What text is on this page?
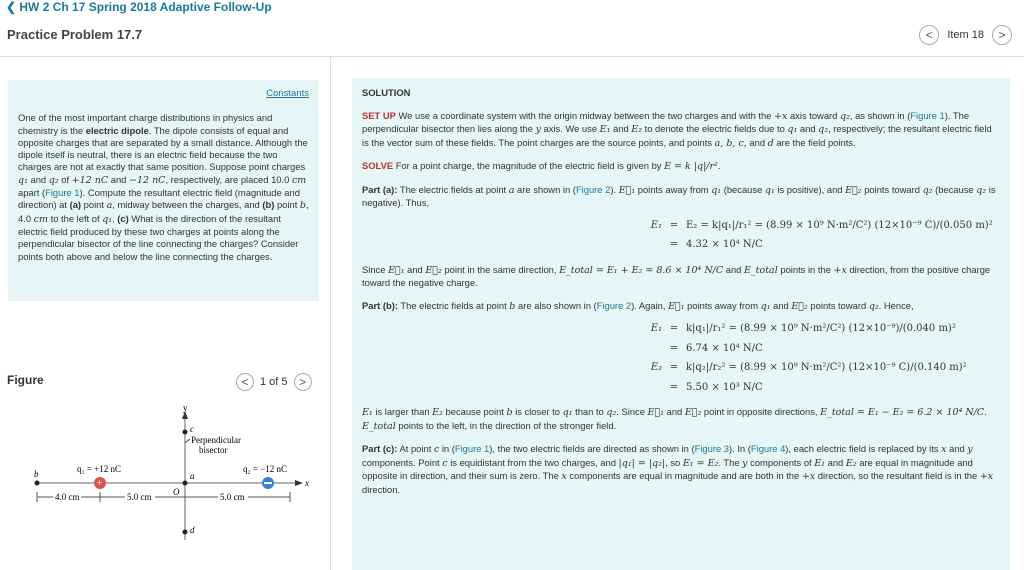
❮ HW 2 Ch 17 Spring 2018 Adaptive Follow-Up
Practice Problem 17.7	<	Item 18	>
Constants
One of the most important charge distributions in physics and chemistry is the electric dipole. The dipole consists of equal and opposite charges that are separated by a small distance. Although the dipole itself is neutral, there is an electric field because the two charges are not at exactly that same position. Suppose point charges q₁ and q₂ of +12 nC and −12 nC, respectively, are placed 10.0 cm apart (Figure 1). Compute the resultant electric field (magnitude and direction) at (a) point a, midway between the charges, and (b) point b, 4.0 cm to the left of q₁. (c) What is the direction of the resultant electric field produced by these two charges at points along the perpendicular bisector of the line connecting the charges? Consider points both above and below the line connecting the charges.
Figure	<	1 of 5 >
y
x
c
d
a
O
b
+
q₁ = +12 nC	q₂ = −12 nC
Perpendicular
bisector
4.0 cm	5.0 cm	5.0 cm
SOLUTION

SET UP We use a coordinate system with the origin midway between the two charges and with the +x axis toward q₂, as shown in (Figure 1). The perpendicular bisector then lies along the y axis. We use E₁ and E₂ to denote the electric fields due to q₁ and q₂, respectively; the resultant electric field is the vector sum of these fields. The point charges are the source points, and points a, b, c, and d are the field points.

SOLVE For a point charge, the magnitude of the electric field is given by E = k |q|/r².

Part (a): The electric fields at point a are shown in (Figure 2). E⃗₁ points away from q₁ (because q₁ is positive), and E⃗₂ points toward q₂ (because q₂ is negative). Thus,

E₁ = E₂ = k|q₁|/r₁² = (8.99 × 10⁹ N·m²/C²) (12×10⁻⁹ C)/(0.050 m)²
= 4.32 × 10⁴ N/C

Since E⃗₁ and E⃗₂ point in the same direction, E_total = E₁ + E₂ = 8.6 × 10⁴ N/C and E_total points in the +x direction, from the positive charge toward the negative charge.

Part (b): The electric fields at point b are also shown in (Figure 2). Again, E⃗₁ points away from q₁ and E⃗₂ points toward q₂. Hence,

E₁ = k|q₁|/r₁² = (8.99 × 10⁹ N·m²/C²) (12×10⁻⁹)/(0.040 m)²
= 6.74 × 10⁴ N/C
E₂ = k|q₂|/r₂² = (8.99 × 10⁹ N·m²/C²) (12×10⁻⁹ C)/(0.140 m)²
= 5.50 × 10³ N/C

E₁ is larger than E₂ because point b is closer to q₁ than to q₂. Since E⃗₁ and E⃗₂ point in opposite directions, E_total = E₁ − E₂ = 6.2 × 10⁴ N/C. E_total points to the left, in the direction of the stronger field.

Part (c): At point c in (Figure 1), the two electric fields are directed as shown in (Figure 3). In (Figure 4), each electric field is replaced by its x and y components. Point c is equidistant from the two charges, and |q₁| = |q₂|, so E₁ = E₂. The y components of E₁ and E₂ are equal in magnitude and opposite in direction, and their sum is zero. The x components are equal in magnitude and are both in the +x direction, so the resultant field is in the +x direction.
